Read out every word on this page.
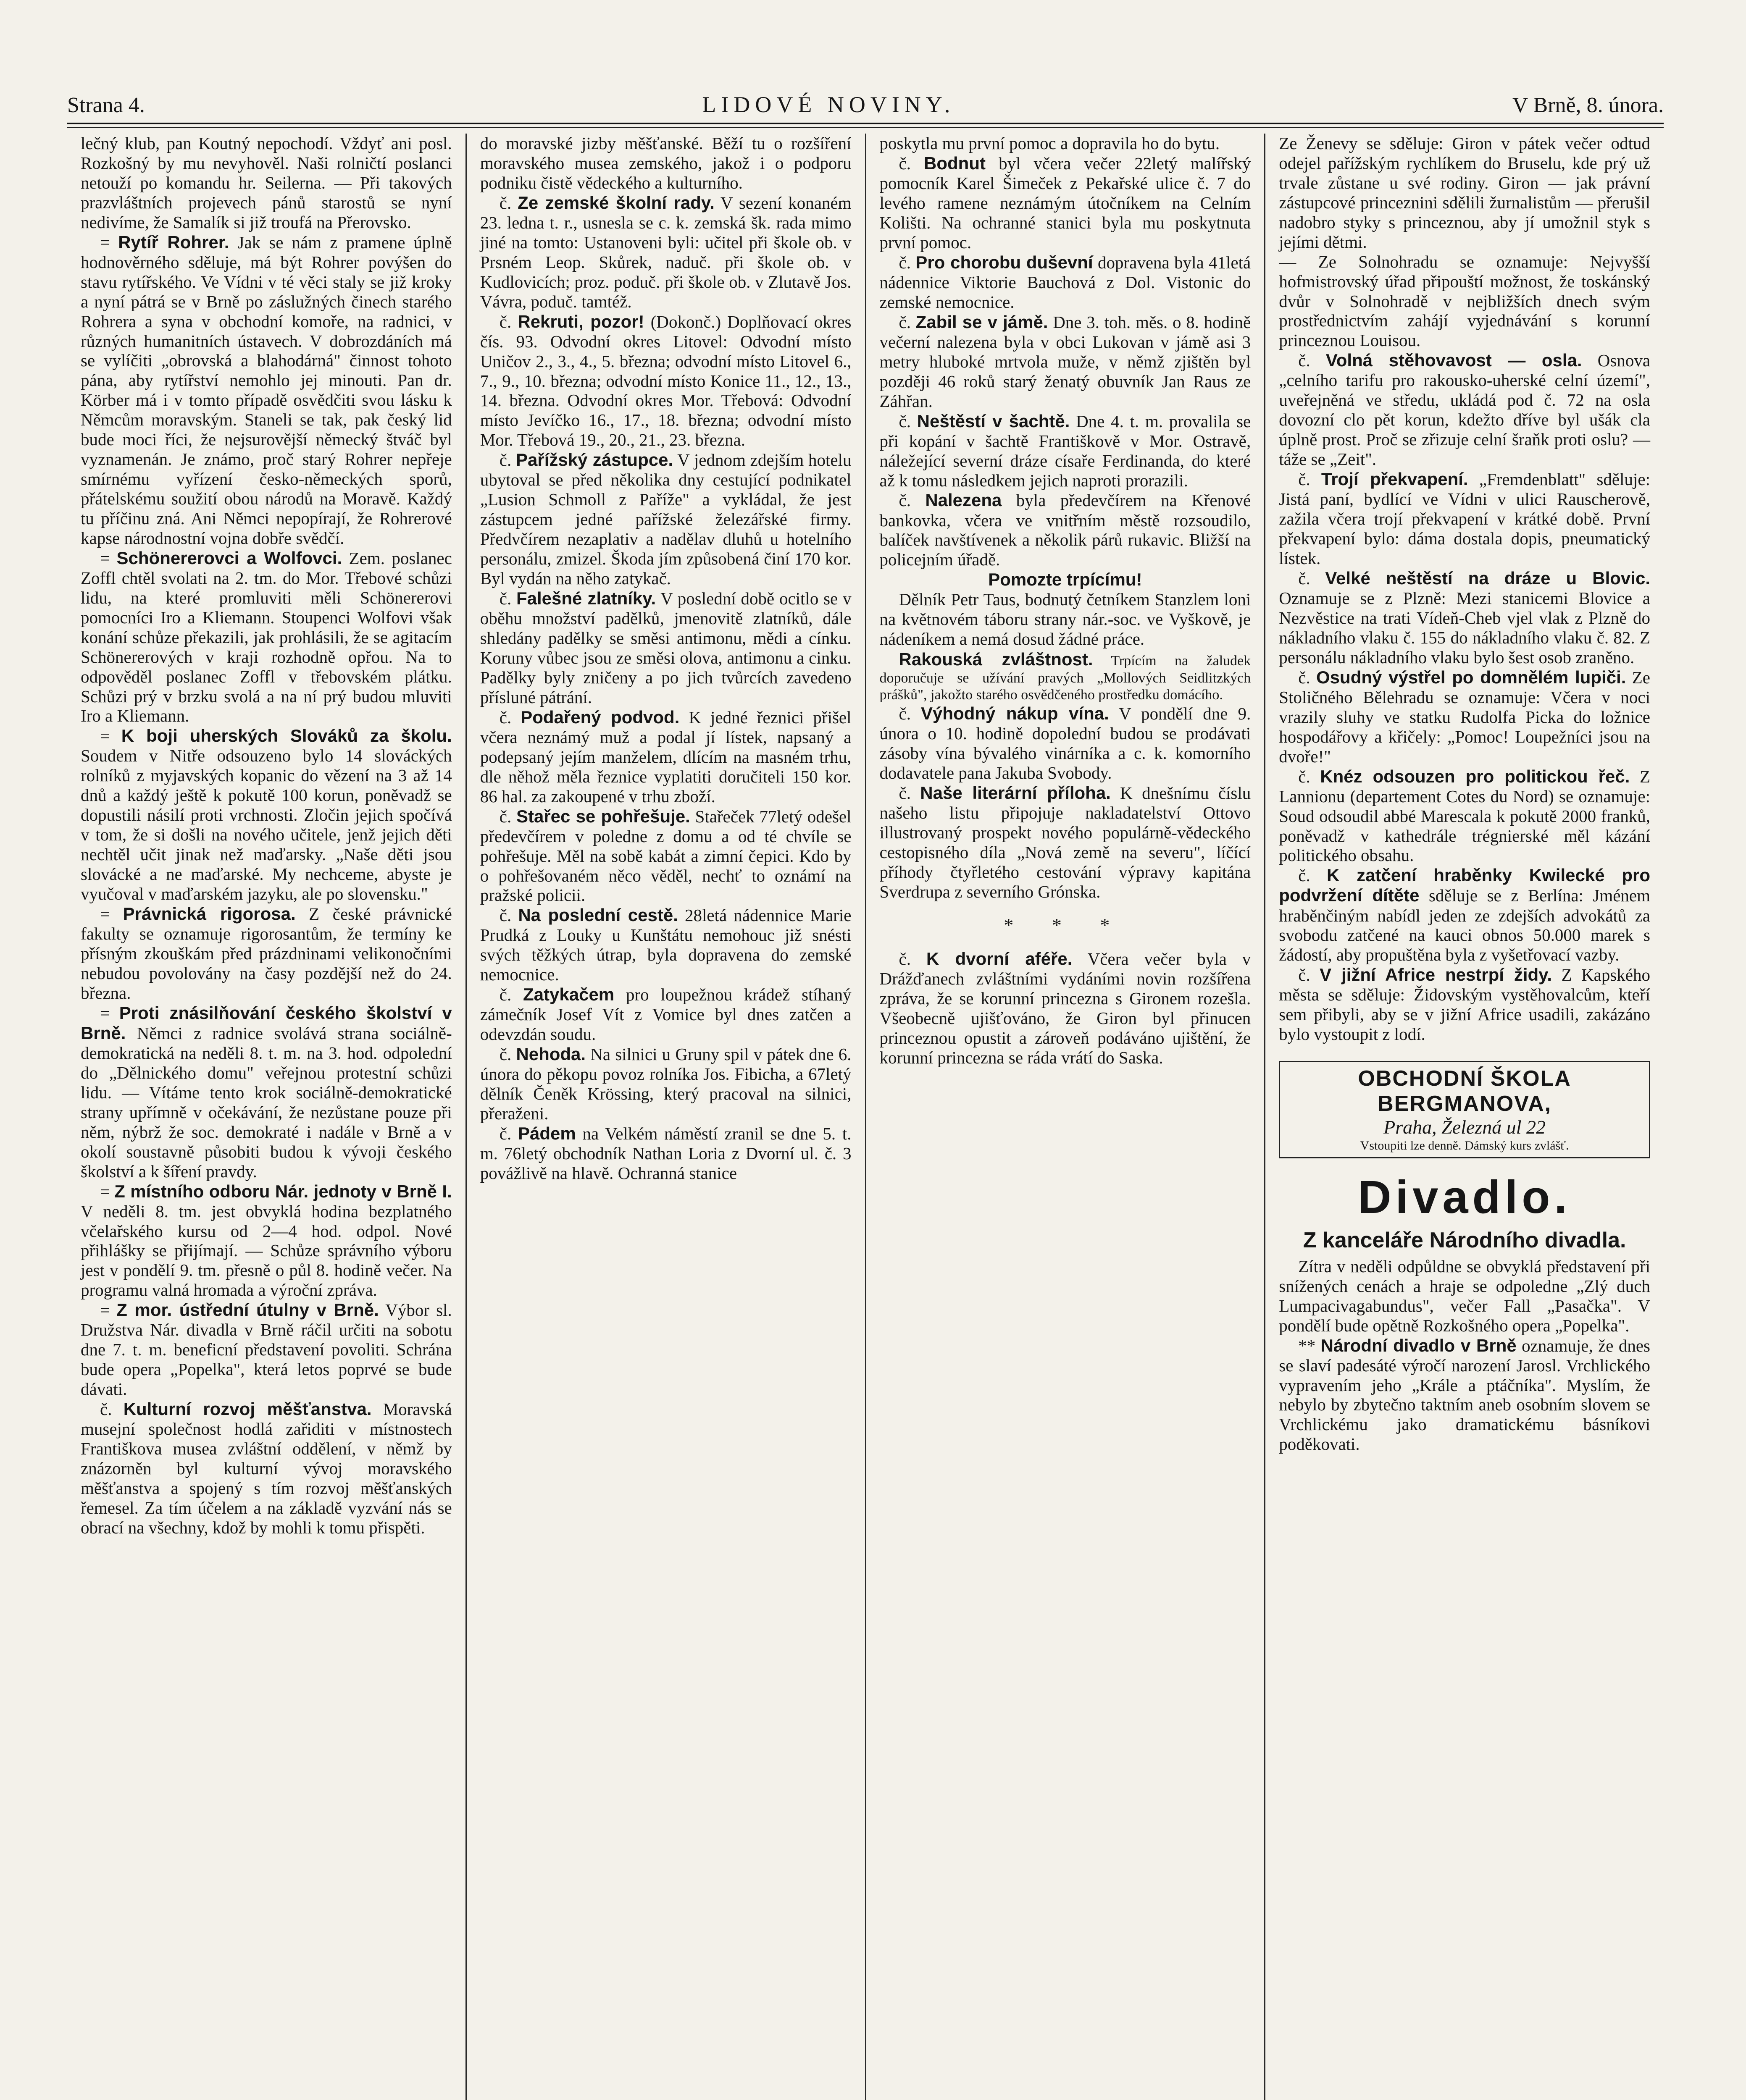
Strana 4.	LIDOVÉ NOVINY.	V Brně, 8. února.

lečný klub, pan Koutný nepochodí. Vždyť ani posl. Rozkošný by mu nevyhověl. Naši rolničtí poslanci netouží po komandu hr. Seilerna. — Při takových prazvláštních projevech pánů starostů se nyní nedivíme, že Samalík si již troufá na Přerovsko.

= Rytíř Rohrer. Jak se nám z pramene úplně hodnověrného sděluje, má být Rohrer povýšen do stavu rytířského. Ve Vídni v té věci staly se již kroky a nyní pátrá se v Brně po záslužných činech starého Rohrera a syna v obchodní komoře, na radnici, v různých humanitních ústavech. V dobrozdáních má se vylíčiti „obrovská a blahodárná" činnost tohoto pána, aby rytířství nemohlo jej minouti. Pan dr. Körber má i v tomto případě osvědčiti svou lásku k Němcům moravským. Staneli se tak, pak český lid bude moci říci, že nejsurovější německý štváč byl vyznamenán. Je známo, proč starý Rohrer nepřeje smírnému vyřízení česko-německých sporů, přátelskému soužití obou národů na Moravě. Každý tu příčinu zná. Ani Němci nepopírají, že Rohrerové kapse národnostní vojna dobře svědčí.

= Schönererovci a Wolfovci. Zem. poslanec Zoffl chtěl svolati na 2. tm. do Mor. Třebové schůzi lidu, na které promluviti měli Schönererovi pomocníci Iro a Kliemann. Stoupenci Wolfovi však konání schůze překazili, jak prohlásili, že se agitacím Schönererových v kraji rozhodně opřou. Na to odpověděl poslanec Zoffl v třebovském plátku. Schůzi prý v brzku svolá a na ní prý budou mluviti Iro a Kliemann.

= K boji uherských Slováků za školu. Soudem v Nitře odsouzeno bylo 14 slováckých rolníků z myjavských kopanic do vězení na 3 až 14 dnů a každý ještě k pokutě 100 korun, poněvadž se dopustili násilí proti vrchnosti. Zločin jejich spočívá v tom, že si došli na nového učitele, jenž jejich děti nechtěl učit jinak než maďarsky. „Naše děti jsou slovácké a ne maďarské. My nechceme, abyste je vyučoval v maďarském jazyku, ale po slovensku."

= Právnická rigorosa. Z české právnické fakulty se oznamuje rigorosantům, že termíny ke přísným zkouškám před prázdninami velikonočními nebudou povolovány na časy pozdější než do 24. března.

= Proti znásilňování českého školství v Brně. Němci z radnice svolává strana sociálně-demokratická na neděli 8. t. m. na 3. hod. odpolední do „Dělnického domu" veřejnou protestní schůzi lidu. — Vítáme tento krok sociálně-demokratické strany upřímně v očekávání, že nezůstane pouze při něm, nýbrž že soc. demokraté i nadále v Brně a v okolí soustavně působiti budou k vývoji českého školství a k šíření pravdy.

= Z místního odboru Nár. jednoty v Brně I. V neděli 8. tm. jest obvyklá hodina bezplatného včelařského kursu od 2—4 hod. odpol. Nové přihlášky se přijímají. — Schůze správního výboru jest v pondělí 9. tm. přesně o půl 8. hodině večer. Na programu valná hromada a výroční zpráva.

= Z mor. ústřední útulny v Brně. Výbor sl. Družstva Nár. divadla v Brně ráčil určiti na sobotu dne 7. t. m. beneficní představení povoliti. Schrána bude opera „Popelka", která letos poprvé se bude dávati.

č. Kulturní rozvoj měšťanstva. Moravská musejní společnost hodlá zařiditi v místnostech Františkova musea zvláštní oddělení, v němž by znázorněn byl kulturní vývoj moravského měšťanstva a spojený s tím rozvoj měšťanských řemesel. Za tím účelem a na základě vyzvání nás se obrací na všechny, kdož by mohli k tomu přispěti.

do moravské jizby měšťanské. Běží tu o rozšíření moravského musea zemského, jakož i o podporu podniku čistě vědeckého a kulturního.

č. Ze zemské školní rady. V sezení konaném 23. ledna t. r., usnesla se c. k. zemská šk. rada mimo jiné na tomto: Ustanoveni byli: učitel při škole ob. v Prsném Leop. Skůrek, naduč. při škole ob. v Kudlovicích; proz. poduč. při škole ob. v Zlutavě Jos. Vávra, poduč. tamtéž.

č. Rekruti, pozor! (Dokonč.) Doplňovací okres čís. 93. Odvodní okres Litovel: Odvodní místo Uničov 2., 3., 4., 5. března; odvodní místo Litovel 6., 7., 9., 10. března; odvodní místo Konice 11., 12., 13., 14. března. Odvodní okres Mor. Třebová: Odvodní místo Jevíčko 16., 17., 18. března; odvodní místo Mor. Třebová 19., 20., 21., 23. března.

č. Pařížský zástupce. V jednom zdejším hotelu ubytoval se před několika dny cestující podnikatel „Lusion Schmoll z Paříže" a vykládal, že jest zástupcem jedné pařížské železářské firmy. Předvčírem nezaplativ a nadělav dluhů u hotelního personálu, zmizel. Škoda jím způsobená činí 170 kor. Byl vydán na něho zatykač.

č. Falešné zlatníky. V poslední době ocitlo se v oběhu množství padělků, jmenovitě zlatníků, dále shledány padělky se směsi antimonu, mědi a cínku. Koruny vůbec jsou ze směsi olova, antimonu a cinku. Padělky byly zničeny a po jich tvůrcích zavedeno přísluné pátrání.

č. Podařený podvod. K jedné řeznici přišel včera neznámý muž a podal jí lístek, napsaný a podepsaný jejím manželem, dlícím na masném trhu, dle něhož měla řeznice vyplatiti doručiteli 150 kor. 86 hal. za zakoupené v trhu zboží.

č. Stařec se pohřešuje. Stařeček 77letý odešel předevčírem v poledne z domu a od té chvíle se pohřešuje. Měl na sobě kabát a zimní čepici. Kdo by o pohřešovaném něco věděl, nechť to oznámí na pražské policii.

č. Na poslední cestě. 28letá nádennice Marie Prudká z Louky u Kunštátu nemohouc již snésti svých těžkých útrap, byla dopravena do zemské nemocnice.

č. Zatykačem pro loupežnou krádež stíhaný zámečník Josef Vít z Vomice byl dnes zatčen a odevzdán soudu.

č. Nehoda. Na silnici u Gruny spil v pátek dne 6. února do pěkopu povoz rolníka Jos. Fibicha, a 67letý dělník Čeněk Krössing, který pracoval na silnici, přeraženi.

č. Pádem na Velkém náměstí zranil se dne 5. t. m. 76letý obchodník Nathan Loria z Dvorní ul. č. 3 povážlivě na hlavě. Ochranná stanice

poskytla mu první pomoc a dopravila ho do bytu.

č. Bodnut byl včera večer 22letý malířský pomocník Karel Šimeček z Pekařské ulice č. 7 do levého ramene neznámým útočníkem na Celním Kolišti. Na ochranné stanici byla mu poskytnuta první pomoc.

č. Pro chorobu duševní dopravena byla 41letá nádennice Viktorie Bauchová z Dol. Vistonic do zemské nemocnice.

č. Zabil se v jámě. Dne 3. toh. měs. o 8. hodině večerní nalezena byla v obci Lukovan v jámě asi 3 metry hluboké mrtvola muže, v němž zjištěn byl později 46 roků starý ženatý obuvník Jan Raus ze Záhřan.

č. Neštěstí v šachtě. Dne 4. t. m. provalila se při kopání v šachtě Františkově v Mor. Ostravě, náležející severní dráze císaře Ferdinanda, do které až k tomu následkem jejich naproti prorazili.

č. Nalezena byla předevčírem na Křenové bankovka, včera ve vnitřním městě rozsoudilo, balíček navštívenek a několik párů rukavic. Bližší na policejním úřadě.

Pomozte trpícímu!

Dělník Petr Taus, bodnutý četníkem Stanzlem loni na květnovém táboru strany nár.-soc. ve Vyškově, je nádeníkem a nemá dosud žádné práce.

Rakouská zvláštnost. Trpícím na žaludek doporučuje se užívání pravých „Mollových Seidlitzkých prášků", jakožto starého osvědčeného prostředku domácího.

č. Výhodný nákup vína. V pondělí dne 9. února o 10. hodině dopolední budou se prodávati zásoby vína bývalého vinárníka a c. k. komorního dodavatele pana Jakuba Svobody.

č. Naše literární příloha. K dnešnímu číslu našeho listu připojuje nakladatelství Ottovo illustrovaný prospekt nového populárně-vědeckého cestopisného díla „Nová země na severu", líčící příhody čtyřletého cestování výpravy kapitána Sverdrupa z severního Grónska.

* * *

č. K dvorní aféře. Včera večer byla v Drážďanech zvláštními vydáními novin rozšířena zpráva, že se korunní princezna s Gironem rozešla. Všeobecně ujišťováno, že Giron byl přinucen princeznou opustit a zároveň podáváno ujištění, že korunní princezna se ráda vrátí do Saska.

Ze Ženevy se sděluje: Giron v pátek večer odtud odejel pařížským rychlíkem do Bruselu, kde prý už trvale zůstane u své rodiny. Giron — jak právní zástupcové princeznini sdělili žurnalistům — přerušil nadobro styky s princeznou, aby jí umožnil styk s jejími dětmi.

— Ze Solnohradu se oznamuje: Nejvyšší hofmistrovský úřad připouští možnost, že toskánský dvůr v Solnohradě v nejbližších dnech svým prostřednictvím zahájí vyjednávání s korunní princeznou Louisou.

č. Volná stěhovavost — osla. Osnova „celního tarifu pro rakousko-uherské celní území", uveřejněná ve středu, ukládá pod č. 72 na osla dovozní clo pět korun, kdežto dříve byl ušák cla úplně prost. Proč se zřizuje celní šraňk proti oslu? — táže se „Zeit".

č. Trojí překvapení. „Fremdenblatt" sděluje: Jistá paní, bydlící ve Vídni v ulici Rauscherově, zažila včera trojí překvapení v krátké době. První překvapení bylo: dáma dostala dopis, pneumatický lístek.

č. Velké neštěstí na dráze u Blovic. Oznamuje se z Plzně: Mezi stanicemi Blovice a Nezvěstice na trati Vídeň-Cheb vjel vlak z Plzně do nákladního vlaku č. 155 do nákladního vlaku č. 82. Z personálu nákladního vlaku bylo šest osob zraněno.

č. Osudný výstřel po domnělém lupiči. Ze Stoličného Bělehradu se oznamuje: Včera v noci vrazily sluhy ve statku Rudolfa Picka do ložnice hospodářovy a křičely: „Pomoc! Loupežníci jsou na dvoře!"

č. Knéz odsouzen pro politickou řeč. Z Lannionu (departement Cotes du Nord) se oznamuje: Soud odsoudil abbé Marescala k pokutě 2000 franků, poněvadž v kathedrále trégnierské měl kázání politického obsahu.

č. K zatčení hraběnky Kwilecké pro podvržení dítěte sděluje se z Berlína: Jménem hraběnčiným nabídl jeden ze zdejších advokátů za svobodu zatčené na kauci obnos 50.000 marek s žádostí, aby propuštěna byla z vyšetřovací vazby.

č. V jižní Africe nestrpí židy. Z Kapského města se sděluje: Židovským vystěhovalcům, kteří sem přibyli, aby se v jižní Africe usadili, zakázáno bylo vystoupit z lodí.

OBCHODNÍ ŠKOLA BERGMANOVA,
Praha, Železná ul 22
Vstoupiti lze denně. Dámský kurs zvlášť.
Divadlo.
Z kanceláře Národního divadla.

Zítra v neděli odpůldne se obvyklá představení při snížených cenách a hraje se odpoledne „Zlý duch Lumpacivagabundus", večer Fall „Pasačka". V pondělí bude opětně Rozkošného opera „Popelka".

** Národní divadlo v Brně oznamuje, že dnes se slaví padesáté výročí narození Jarosl. Vrchlického vypravením jeho „Krále a ptáčníka". Myslím, že nebylo by zbytečno taktním aneb osobním slovem se Vrchlickému jako dramatickému básníkovi poděkovati.
